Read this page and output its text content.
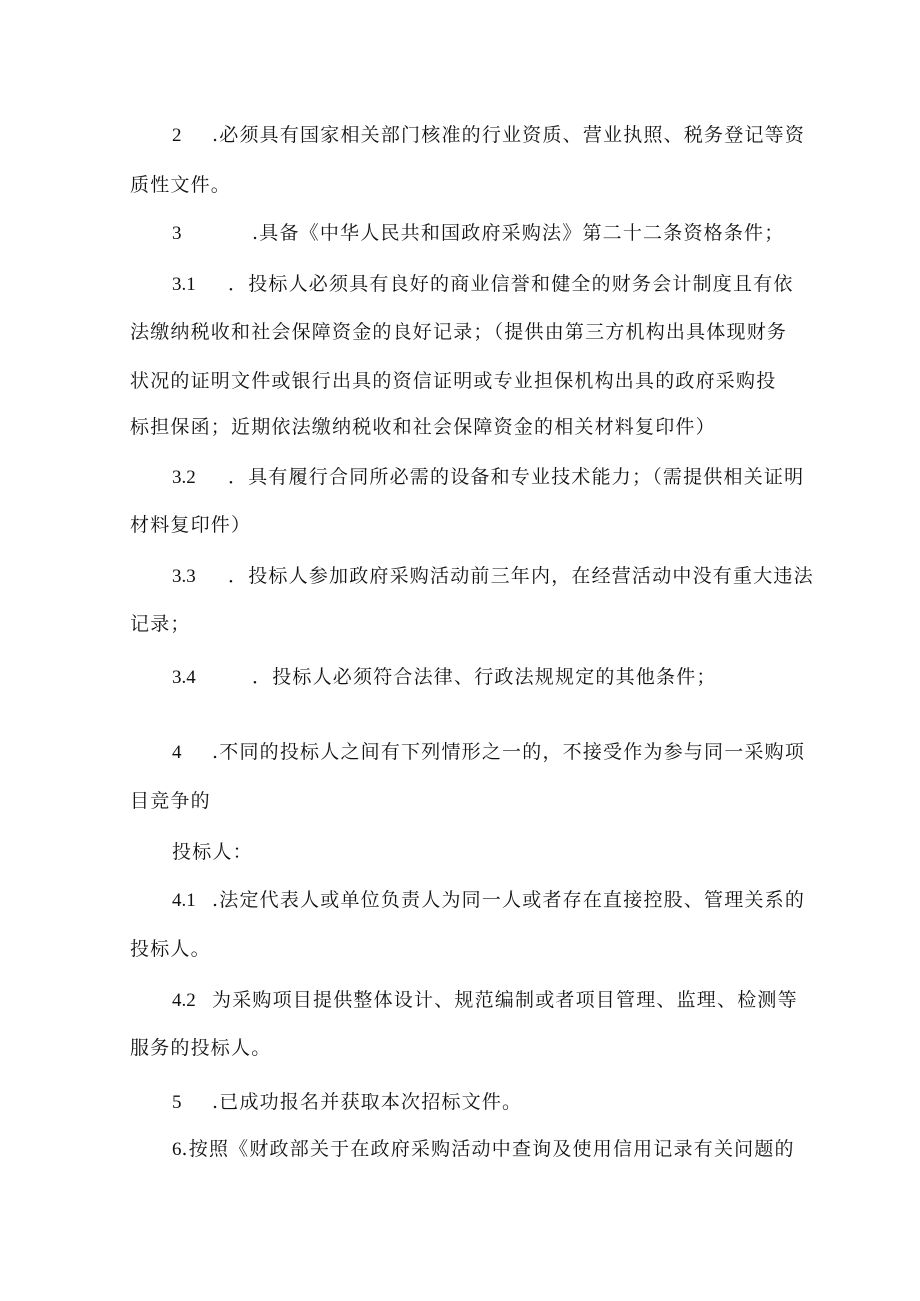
2 .必须具有国家相关部门核准的行业资质、营业执照、税务登记等资
质性文件。
3	.具备《中华人民共和国政府采购法》第二十二条资格条件；
3.1 ．投标人必须具有良好的商业信誉和健全的财务会计制度且有依
法缴纳税收和社会保障资金的良好记录；（提供由第三方机构出具体现财务
状况的证明文件或银行出具的资信证明或专业担保机构出具的政府采购投
标担保函；近期依法缴纳税收和社会保障资金的相关材料复印件）
3.2 ．具有履行合同所必需的设备和专业技术能力；（需提供相关证明
材料复印件）
3.3 ．投标人参加政府采购活动前三年内，在经营活动中没有重大违法
记录；
3.4	．投标人必须符合法律、行政法规规定的其他条件；
4 .不同的投标人之间有下列情形之一的，不接受作为参与同一采购项
目竞争的
投标人：
4.1 .法定代表人或单位负责人为同一人或者存在直接控股、管理关系的
投标人。
4.2 为采购项目提供整体设计、规范编制或者项目管理、监理、检测等
服务的投标人。
5 .已成功报名并获取本次招标文件。
6.按照《财政部关于在政府采购活动中查询及使用信用记录有关问题的
